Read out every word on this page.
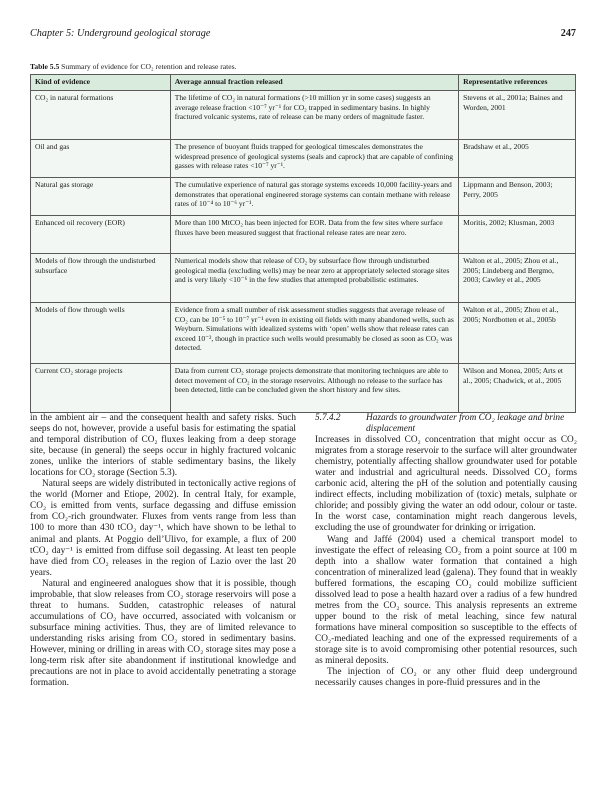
Chapter 5: Underground geological storage	247
Table 5.5 Summary of evidence for CO₂ retention and release rates.
Kind of evidence	Average annual fraction released	Representative references
CO₂ in natural formations	The lifetime of CO₂ in natural formations (>10 million yr in some cases) suggests an average release fraction <10⁻⁷ yr⁻¹ for CO₂ trapped in sedimentary basins. In highly fractured volcanic systems, rate of release can be many orders of magnitude faster.	Stevens et al., 2001a; Baines and Worden, 2001
Oil and gas	The presence of buoyant fluids trapped for geological timescales demonstrates the widespread presence of geological systems (seals and caprock) that are capable of confining gasses with release rates <10⁻⁷ yr⁻¹.	Bradshaw et al., 2005
Natural gas storage	The cumulative experience of natural gas storage systems exceeds 10,000 facility-years and demonstrates that operational engineered storage systems can contain methane with release rates of 10⁻⁴ to 10⁻⁶ yr⁻¹.	Lippmann and Benson, 2003; Perry, 2005
Enhanced oil recovery (EOR)	More than 100 MtCO₂ has been injected for EOR. Data from the few sites where surface fluxes have been measured suggest that fractional release rates are near zero.	Moritis, 2002; Klusman, 2003
Models of flow through the undisturbed subsurface	Numerical models show that release of CO₂ by subsurface flow through undisturbed geological media (excluding wells) may be near zero at appropriately selected storage sites and is very likely <10⁻⁶ in the few studies that attempted probabilistic estimates.	Walton et al., 2005; Zhou et al., 2005; Lindeberg and Bergmo, 2003; Cawley et al., 2005
Models of flow through wells	Evidence from a small number of risk assessment studies suggests that average release of CO₂ can be 10⁻⁵ to 10⁻⁷ yr⁻¹ even in existing oil fields with many abandoned wells, such as Weyburn. Simulations with idealized systems with ‘open’ wells show that release rates can exceed 10⁻², though in practice such wells would presumably be closed as soon as CO₂ was detected.	Walton et al., 2005; Zhou et al., 2005; Nordbotten et al., 2005b
Current CO₂ storage projects	Data from current CO₂ storage projects demonstrate that monitoring techniques are able to detect movement of CO₂ in the storage reservoirs. Although no release to the surface has been detected, little can be concluded given the short history and few sites.	Wilson and Monea, 2005; Arts et al., 2005; Chadwick, et al., 2005

in the ambient air – and the consequent health and safety risks. Such seeps do not, however, provide a useful basis for estimating the spatial and temporal distribution of CO₂ fluxes leaking from a deep storage site, because (in general) the seeps occur in highly fractured volcanic zones, unlike the interiors of stable sedimentary basins, the likely locations for CO₂ storage (Section 5.3).

Natural seeps are widely distributed in tectonically active regions of the world (Morner and Etiope, 2002). In central Italy, for example, CO₂ is emitted from vents, surface degassing and diffuse emission from CO₂-rich groundwater. Fluxes from vents range from less than 100 to more than 430 tCO₂ day⁻¹, which have shown to be lethal to animal and plants. At Poggio dell’Ulivo, for example, a flux of 200 tCO₂ day⁻¹ is emitted from diffuse soil degassing. At least ten people have died from CO₂ releases in the region of Lazio over the last 20 years.

Natural and engineered analogues show that it is possible, though improbable, that slow releases from CO₂ storage reservoirs will pose a threat to humans. Sudden, catastrophic releases of natural accumulations of CO₂ have occurred, associated with volcanism or subsurface mining activities. Thus, they are of limited relevance to understanding risks arising from CO₂ stored in sedimentary basins. However, mining or drilling in areas with CO₂ storage sites may pose a long-term risk after site abandonment if institutional knowledge and precautions are not in place to avoid accidentally penetrating a storage formation.

5.7.4.2	Hazards to groundwater from CO₂ leakage and brine displacement

Increases in dissolved CO₂ concentration that might occur as CO₂ migrates from a storage reservoir to the surface will alter groundwater chemistry, potentially affecting shallow groundwater used for potable water and industrial and agricultural needs. Dissolved CO₂ forms carbonic acid, altering the pH of the solution and potentially causing indirect effects, including mobilization of (toxic) metals, sulphate or chloride; and possibly giving the water an odd odour, colour or taste. In the worst case, contamination might reach dangerous levels, excluding the use of groundwater for drinking or irrigation.

Wang and Jaffé (2004) used a chemical transport model to investigate the effect of releasing CO₂ from a point source at 100 m depth into a shallow water formation that contained a high concentration of mineralized lead (galena). They found that in weakly buffered formations, the escaping CO₂ could mobilize sufficient dissolved lead to pose a health hazard over a radius of a few hundred metres from the CO₂ source. This analysis represents an extreme upper bound to the risk of metal leaching, since few natural formations have mineral composition so susceptible to the effects of CO₂-mediated leaching and one of the expressed requirements of a storage site is to avoid compromising other potential resources, such as mineral deposits.

The injection of CO₂ or any other fluid deep underground necessarily causes changes in pore-fluid pressures and in the
